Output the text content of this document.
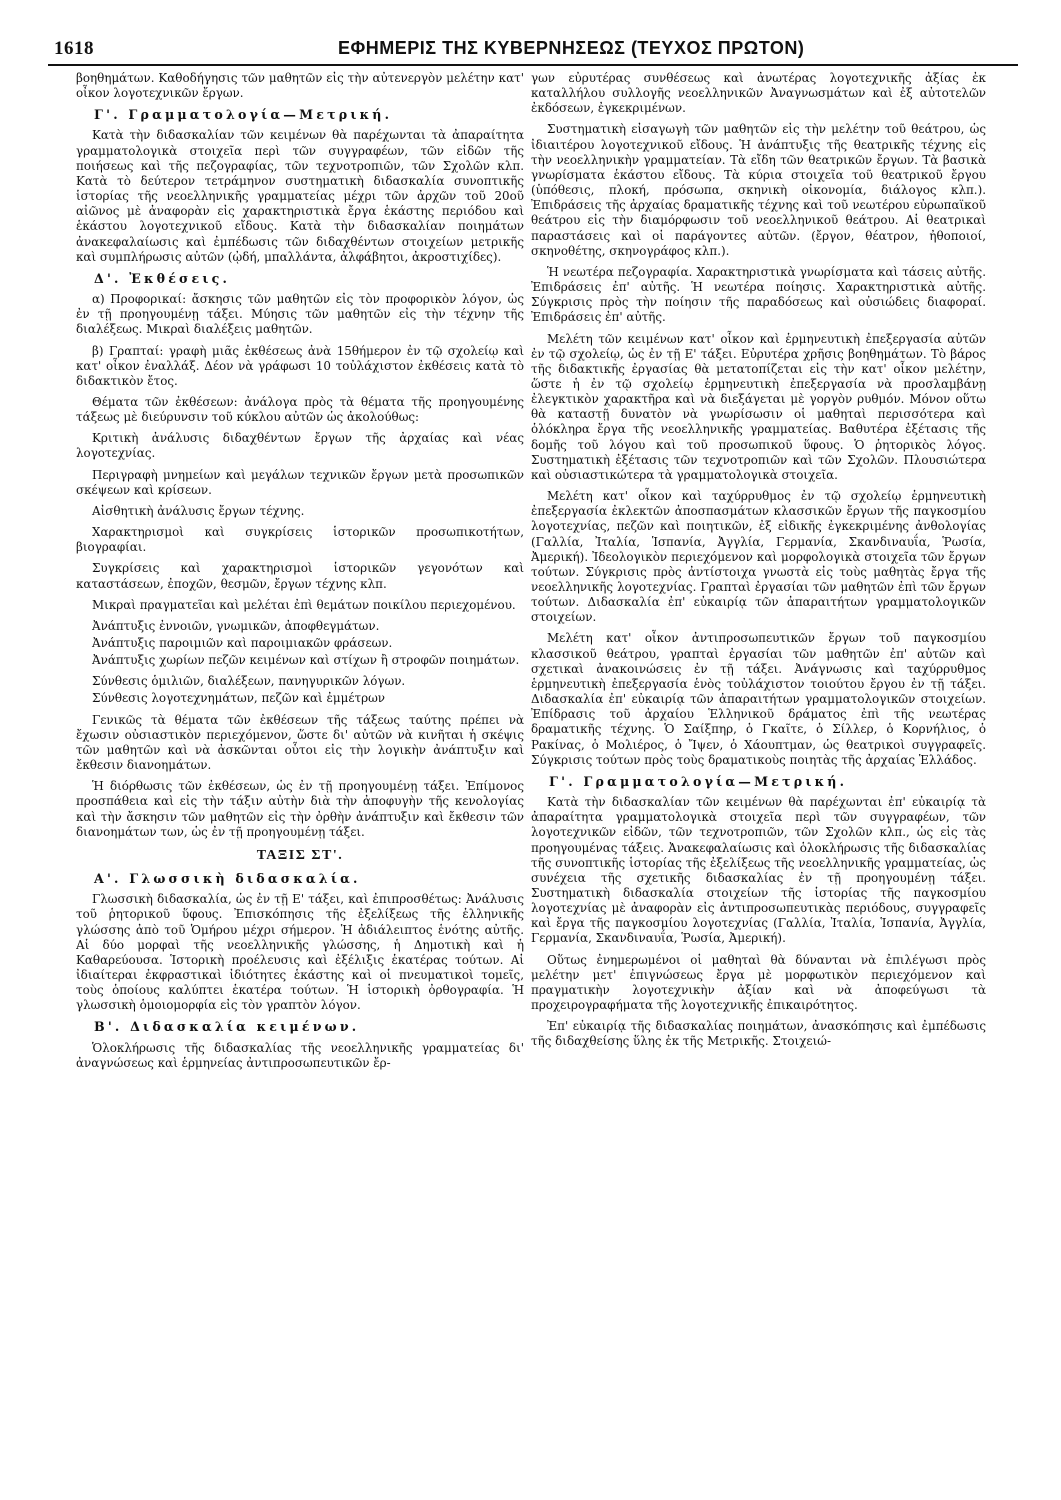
1618	ΕΦΗΜΕΡΙΣ ΤΗΣ ΚΥΒΕΡΝΗΣΕΩΣ (ΤΕΥΧΟΣ ΠΡΩΤΟΝ)

βοηθημάτων. Καθοδήγησις τῶν μαθητῶν εἰς τὴν αὐτενεργὸν μελέτην κατ' οἶκον λογοτεχνικῶν ἔργων.

Γ'. Γραμματολογία—Μετρική.

Κατὰ τὴν διδασκαλίαν τῶν κειμένων θὰ παρέχωνται τὰ ἀπαραίτητα γραμματολογικὰ στοιχεῖα περὶ τῶν συγγραφέων, τῶν εἰδῶν τῆς ποιήσεως καὶ τῆς πεζογραφίας, τῶν τεχνοτροπιῶν, τῶν Σχολῶν κλπ. Κατὰ τὸ δεύτερον τετράμηνον συστηματικὴ διδασκαλία συνοπτικῆς ἱστορίας τῆς νεοελληνικῆς γραμματείας μέχρι τῶν ἀρχῶν τοῦ 20οῦ αἰῶνος μὲ ἀναφορὰν εἰς χαρακτηριστικὰ ἔργα ἑκάστης περιόδου καὶ ἑκάστου λογοτεχνικοῦ εἴδους. Κατὰ τὴν διδασκαλίαν ποιημάτων ἀνακεφαλαίωσις καὶ ἐμπέδωσις τῶν διδαχθέντων στοιχείων μετρικῆς καὶ συμπλήρωσις αὐτῶν (ᾠδή, μπαλλάντα, ἀλφάβητοι, ἀκροστιχίδες).

Δ'. Ἐκθέσεις.

α) Προφορικαί: ἄσκησις τῶν μαθητῶν εἰς τὸν προφορικὸν λόγον, ὡς ἐν τῇ προηγουμένῃ τάξει. Μύησις τῶν μαθητῶν εἰς τὴν τέχνην τῆς διαλέξεως. Μικραὶ διαλέξεις μαθητῶν.

β) Γραπταί: γραφὴ μιᾶς ἐκθέσεως ἀνὰ 15θήμερον ἐν τῷ σχολείῳ καὶ κατ' οἶκον ἐναλλάξ. Δέον νὰ γράφωσι 10 τοὐλάχιστον ἐκθέσεις κατὰ τὸ διδακτικὸν ἔτος.

Θέματα τῶν ἐκθέσεων: ἀνάλογα πρὸς τὰ θέματα τῆς προηγουμένης τάξεως μὲ διεύρυνσιν τοῦ κύκλου αὐτῶν ὡς ἀκολούθως:

Κριτικὴ ἀνάλυσις διδαχθέντων ἔργων τῆς ἀρχαίας καὶ νέας λογοτεχνίας.

Περιγραφὴ μνημείων καὶ μεγάλων τεχνικῶν ἔργων μετὰ προσωπικῶν σκέψεων καὶ κρίσεων.

Αἰσθητικὴ ἀνάλυσις ἔργων τέχνης.

Χαρακτηρισμοὶ καὶ συγκρίσεις ἱστορικῶν προσωπικοτήτων, βιογραφίαι.

Συγκρίσεις καὶ χαρακτηρισμοὶ ἱστορικῶν γεγονότων καὶ καταστάσεων, ἐποχῶν, θεσμῶν, ἔργων τέχνης κλπ.

Μικραὶ πραγματεῖαι καὶ μελέται ἐπὶ θεμάτων ποικίλου περιεχομένου.

Ἀνάπτυξις ἐννοιῶν, γνωμικῶν, ἀποφθεγμάτων.

Ἀνάπτυξις παροιμιῶν καὶ παροιμιακῶν φράσεων.

Ἀνάπτυξις χωρίων πεζῶν κειμένων καὶ στίχων ἢ στροφῶν ποιημάτων.

Σύνθεσις ὁμιλιῶν, διαλέξεων, πανηγυρικῶν λόγων.

Σύνθεσις λογοτεχνημάτων, πεζῶν καὶ ἐμμέτρων

Γενικῶς τὰ θέματα τῶν ἐκθέσεων τῆς τάξεως ταύτης πρέπει νὰ ἔχωσιν οὐσιαστικὸν περιεχόμενον, ὥστε δι' αὐτῶν νὰ κινῆται ἡ σκέψις τῶν μαθητῶν καὶ νὰ ἀσκῶνται οὗτοι εἰς τὴν λογικὴν ἀνάπτυξιν καὶ ἔκθεσιν διανοημάτων.

Ἡ διόρθωσις τῶν ἐκθέσεων, ὡς ἐν τῇ προηγουμένῃ τάξει. Ἐπίμονος προσπάθεια καὶ εἰς τὴν τάξιν αὐτὴν διὰ τὴν ἀποφυγὴν τῆς κενολογίας καὶ τὴν ἄσκησιν τῶν μαθητῶν εἰς τὴν ὀρθὴν ἀνάπτυξιν καὶ ἔκθεσιν τῶν διανοημάτων των, ὡς ἐν τῇ προηγουμένῃ τάξει.

ΤΑΞΙΣ ΣΤ'.
Α'. Γλωσσικὴ διδασκαλία.

Γλωσσικὴ διδασκαλία, ὡς ἐν τῇ Ε' τάξει, καὶ ἐπιπροσθέτως: Ἀνάλυσις τοῦ ῥητορικοῦ ὕφους. Ἐπισκόπησις τῆς ἐξελίξεως τῆς ἑλληνικῆς γλώσσης ἀπὸ τοῦ Ὁμήρου μέχρι σήμερον. Ἡ ἀδιάλειπτος ἑνότης αὐτῆς. Αἱ δύο μορφαὶ τῆς νεοελληνικῆς γλώσσης, ἡ Δημοτικὴ καὶ ἡ Καθαρεύουσα. Ἱστορικὴ προέλευσις καὶ ἐξέλιξις ἑκατέρας τούτων. Αἱ ἰδιαίτεραι ἐκφραστικαὶ ἰδιότητες ἑκάστης καὶ οἱ πνευματικοὶ τομεῖς, τοὺς ὁποίους καλύπτει ἑκατέρα τούτων. Ἡ ἱστορικὴ ὀρθογραφία. Ἡ γλωσσικὴ ὁμοιομορφία εἰς τὸν γραπτὸν λόγον.

Β'. Διδασκαλία κειμένων.

Ὁλοκλήρωσις τῆς διδασκαλίας τῆς νεοελληνικῆς γραμματείας δι' ἀναγνώσεως καὶ ἑρμηνείας ἀντιπροσωπευτικῶν ἔρ-

γων εὐρυτέρας συνθέσεως καὶ ἀνωτέρας λογοτεχνικῆς ἀξίας ἐκ καταλλήλου συλλογῆς νεοελληνικῶν Ἀναγνωσμάτων καὶ ἐξ αὐτοτελῶν ἐκδόσεων, ἐγκεκριμένων.

Συστηματικὴ εἰσαγωγὴ τῶν μαθητῶν εἰς τὴν μελέτην τοῦ θεάτρου, ὡς ἰδιαιτέρου λογοτεχνικοῦ εἴδους. Ἡ ἀνάπτυξις τῆς θεατρικῆς τέχνης εἰς τὴν νεοελληνικὴν γραμματείαν. Τὰ εἴδη τῶν θεατρικῶν ἔργων. Τὰ βασικὰ γνωρίσματα ἑκάστου εἴδους. Τὰ κύρια στοιχεῖα τοῦ θεατρικοῦ ἔργου (ὑπόθεσις, πλοκή, πρόσωπα, σκηνικὴ οἰκονομία, διάλογος κλπ.). Ἐπιδράσεις τῆς ἀρχαίας δραματικῆς τέχνης καὶ τοῦ νεωτέρου εὐρωπαϊκοῦ θεάτρου εἰς τὴν διαμόρφωσιν τοῦ νεοελληνικοῦ θεάτρου. Αἱ θεατρικαὶ παραστάσεις καὶ οἱ παράγοντες αὐτῶν. (ἔργον, θέατρον, ἠθοποιοί, σκηνοθέτης, σκηνογράφος κλπ.).

Ἡ νεωτέρα πεζογραφία. Χαρακτηριστικὰ γνωρίσματα καὶ τάσεις αὐτῆς. Ἐπιδράσεις ἐπ' αὐτῆς. Ἡ νεωτέρα ποίησις. Χαρακτηριστικὰ αὐτῆς. Σύγκρισις πρὸς τὴν ποίησιν τῆς παραδόσεως καὶ οὐσιώδεις διαφοραί. Ἐπιδράσεις ἐπ' αὐτῆς.

Μελέτη τῶν κειμένων κατ' οἶκον καὶ ἑρμηνευτικὴ ἐπεξεργασία αὐτῶν ἐν τῷ σχολείῳ, ὡς ἐν τῇ Ε' τάξει. Εὐρυτέρα χρῆσις βοηθημάτων. Τὸ βάρος τῆς διδακτικῆς ἐργασίας θὰ μετατοπίζεται εἰς τὴν κατ' οἶκον μελέτην, ὥστε ἡ ἐν τῷ σχολείῳ ἑρμηνευτικὴ ἐπεξεργασία νὰ προσλαμβάνῃ ἐλεγκτικὸν χαρακτῆρα καὶ νὰ διεξάγεται μὲ γοργὸν ρυθμόν. Μόνον οὕτω θὰ καταστῇ δυνατὸν νὰ γνωρίσωσιν οἱ μαθηταὶ περισσότερα καὶ ὁλόκληρα ἔργα τῆς νεοελληνικῆς γραμματείας. Βαθυτέρα ἐξέτασις τῆς δομῆς τοῦ λόγου καὶ τοῦ προσωπικοῦ ὕφους. Ὁ ῥητορικὸς λόγος. Συστηματικὴ ἐξέτασις τῶν τεχνοτροπιῶν καὶ τῶν Σχολῶν. Πλουσιώτερα καὶ οὐσιαστικώτερα τὰ γραμματολογικὰ στοιχεῖα.

Μελέτη κατ' οἶκον καὶ ταχύρρυθμος ἐν τῷ σχολείῳ ἑρμηνευτικὴ ἐπεξεργασία ἐκλεκτῶν ἀποσπασμάτων κλασσικῶν ἔργων τῆς παγκοσμίου λογοτεχνίας, πεζῶν καὶ ποιητικῶν, ἐξ εἰδικῆς ἐγκεκριμένης ἀνθολογίας (Γαλλία, Ἰταλία, Ἱσπανία, Ἀγγλία, Γερμανία, Σκανδιναυΐα, Ῥωσία, Ἀμερική). Ἰδεολογικὸν περιεχόμενον καὶ μορφολογικὰ στοιχεῖα τῶν ἔργων τούτων. Σύγκρισις πρὸς ἀντίστοιχα γνωστὰ εἰς τοὺς μαθητὰς ἔργα τῆς νεοελληνικῆς λογοτεχνίας. Γραπταὶ ἐργασίαι τῶν μαθητῶν ἐπὶ τῶν ἔργων τούτων. Διδασκαλία ἐπ' εὐκαιρίᾳ τῶν ἀπαραιτήτων γραμματολογικῶν στοιχείων.

Μελέτη κατ' οἶκον ἀντιπροσωπευτικῶν ἔργων τοῦ παγκοσμίου κλασσικοῦ θεάτρου, γραπταὶ ἐργασίαι τῶν μαθητῶν ἐπ' αὐτῶν καὶ σχετικαὶ ἀνακοινώσεις ἐν τῇ τάξει. Ἀνάγνωσις καὶ ταχύρρυθμος ἑρμηνευτικὴ ἐπεξεργασία ἑνὸς τοὐλάχιστον τοιούτου ἔργου ἐν τῇ τάξει. Διδασκαλία ἐπ' εὐκαιρίᾳ τῶν ἀπαραιτήτων γραμματολογικῶν στοιχείων. Ἐπίδρασις τοῦ ἀρχαίου Ἑλληνικοῦ δράματος ἐπὶ τῆς νεωτέρας δραματικῆς τέχνης. Ὁ Σαίξπηρ, ὁ Γκαῖτε, ὁ Σίλλερ, ὁ Κορνήλιος, ὁ Ρακίνας, ὁ Μολιέρος, ὁ Ἴψεν, ὁ Χάουπτμαν, ὡς θεατρικοὶ συγγραφεῖς. Σύγκρισις τούτων πρὸς τοὺς δραματικοὺς ποιητὰς τῆς ἀρχαίας Ἑλλάδος.

Γ'. Γραμματολογία—Μετρική.

Κατὰ τὴν διδασκαλίαν τῶν κειμένων θὰ παρέχωνται ἐπ' εὐκαιρίᾳ τὰ ἀπαραίτητα γραμματολογικὰ στοιχεῖα περὶ τῶν συγγραφέων, τῶν λογοτεχνικῶν εἰδῶν, τῶν τεχνοτροπιῶν, τῶν Σχολῶν κλπ., ὡς εἰς τὰς προηγουμένας τάξεις. Ἀνακεφαλαίωσις καὶ ὁλοκλήρωσις τῆς διδασκαλίας τῆς συνοπτικῆς ἱστορίας τῆς ἐξελίξεως τῆς νεοελληνικῆς γραμματείας, ὡς συνέχεια τῆς σχετικῆς διδασκαλίας ἐν τῇ προηγουμένῃ τάξει. Συστηματικὴ διδασκαλία στοιχείων τῆς ἱστορίας τῆς παγκοσμίου λογοτεχνίας μὲ ἀναφορὰν εἰς ἀντιπροσωπευτικὰς περιόδους, συγγραφεῖς καὶ ἔργα τῆς παγκοσμίου λογοτεχνίας (Γαλλία, Ἰταλία, Ἱσπανία, Ἀγγλία, Γερμανία, Σκανδιναυΐα, Ῥωσία, Ἀμερική).

Οὕτως ἐνημερωμένοι οἱ μαθηταὶ θὰ δύνανται νὰ ἐπιλέγωσι πρὸς μελέτην μετ' ἐπιγνώσεως ἔργα μὲ μορφωτικὸν περιεχόμενον καὶ πραγματικὴν λογοτεχνικὴν ἀξίαν καὶ νὰ ἀποφεύγωσι τὰ προχειρογραφήματα τῆς λογοτεχνικῆς ἐπικαιρότητος.

Ἐπ' εὐκαιρίᾳ τῆς διδασκαλίας ποιημάτων, ἀνασκόπησις καὶ ἐμπέδωσις τῆς διδαχθείσης ὕλης ἐκ τῆς Μετρικῆς. Στοιχειώ-
